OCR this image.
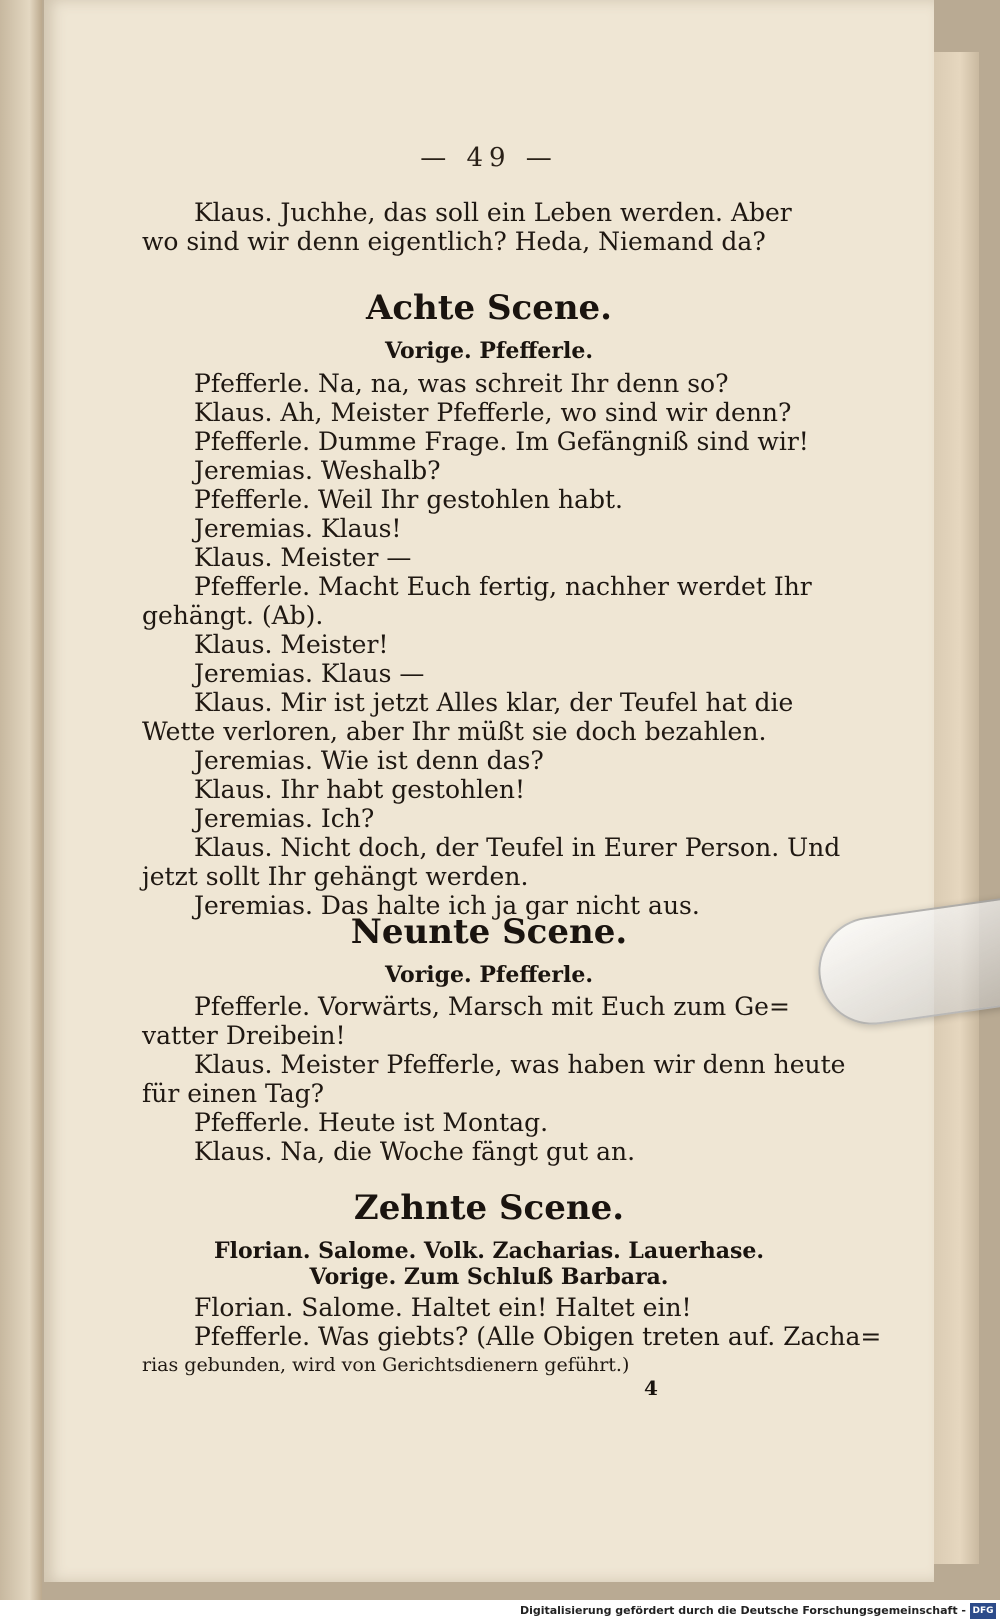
— 49 —
Klaus. Juchhe, das soll ein Leben werden. Aber
wo sind wir denn eigentlich? Heda, Niemand da?
Achte Scene.
Vorige. Pfefferle.
Pfefferle. Na, na, was schreit Ihr denn so?
Klaus. Ah, Meister Pfefferle, wo sind wir denn?
Pfefferle. Dumme Frage. Im Gefängniß sind wir!
Jeremias. Weshalb?
Pfefferle. Weil Ihr gestohlen habt.
Jeremias. Klaus!
Klaus. Meister —
Pfefferle. Macht Euch fertig, nachher werdet Ihr
gehängt. (Ab).
Klaus. Meister!
Jeremias. Klaus —
Klaus. Mir ist jetzt Alles klar, der Teufel hat die
Wette verloren, aber Ihr müßt sie doch bezahlen.
Jeremias. Wie ist denn das?
Klaus. Ihr habt gestohlen!
Jeremias. Ich?
Klaus. Nicht doch, der Teufel in Eurer Person. Und
jetzt sollt Ihr gehängt werden.
Jeremias. Das halte ich ja gar nicht aus.
Neunte Scene.
Vorige. Pfefferle.
Pfefferle. Vorwärts, Marsch mit Euch zum Ge=
vatter Dreibein!
Klaus. Meister Pfefferle, was haben wir denn heute
für einen Tag?
Pfefferle. Heute ist Montag.
Klaus. Na, die Woche fängt gut an.
Zehnte Scene.
Florian. Salome. Volk. Zacharias. Lauerhase.
Vorige. Zum Schluß Barbara.
Florian. Salome. Haltet ein! Haltet ein!
Pfefferle. Was giebts? (Alle Obigen treten auf. Zacha=
rias gebunden, wird von Gerichtsdienern geführt.)
4
Digitalisierung gefördert durch die Deutsche Forschungsgemeinschaft - DFG
